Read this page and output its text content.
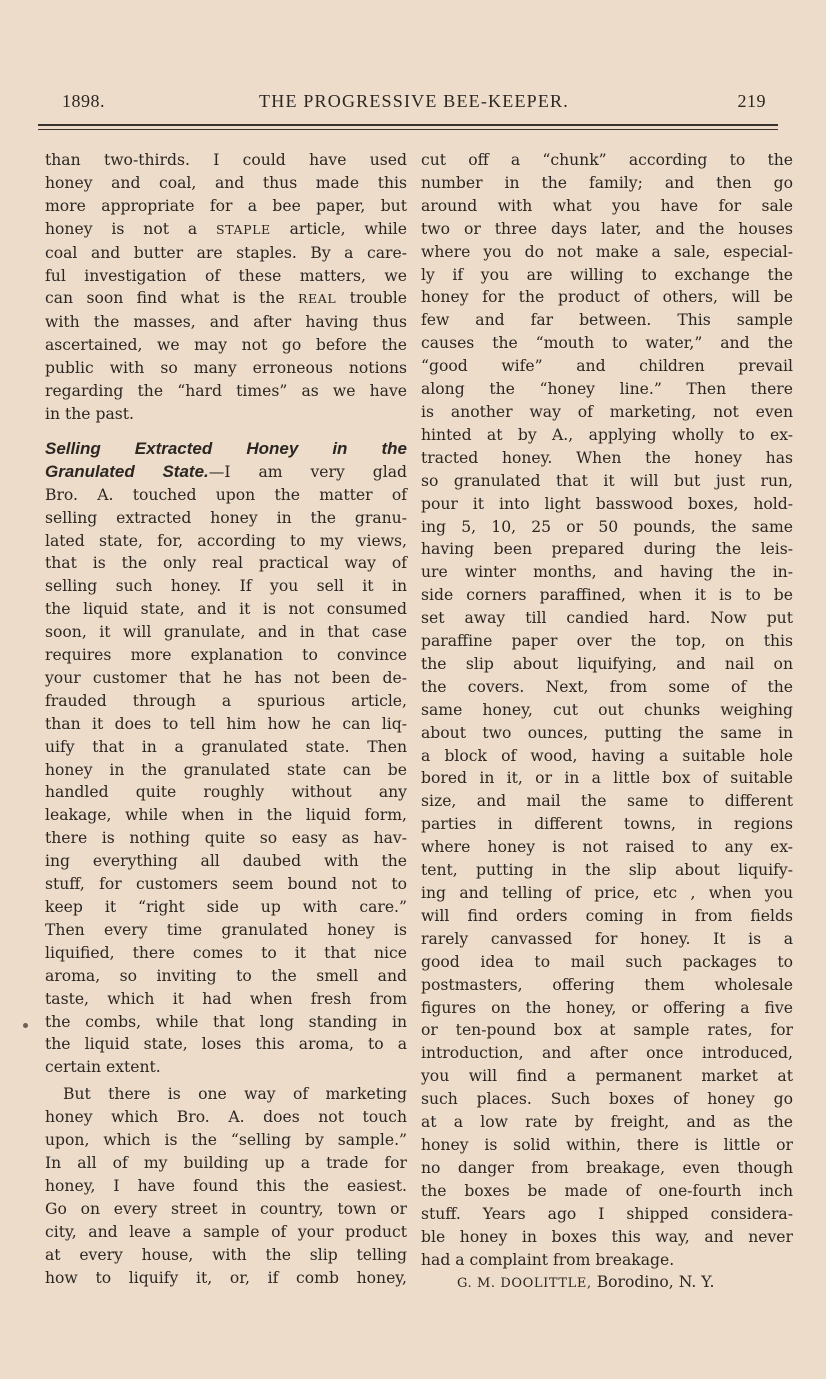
1898.	THE PROGRESSIVE BEE-KEEPER.	219
than two-thirds. I could have used
honey and coal, and thus made this
more appropriate for a bee paper, but
honey is not a STAPLE article, while
coal and butter are staples. By a care-
ful investigation of these matters, we
can soon find what is the REAL trouble
with the masses, and after having thus
ascertained, we may not go before the
public with so many erroneous notions
regarding the “hard times” as we have
in the past.
Selling Extracted Honey in the
Granulated State.—I am very glad
Bro. A. touched upon the matter of
selling extracted honey in the granu-
lated state, for, according to my views,
that is the only real practical way of
selling such honey. If you sell it in
the liquid state, and it is not consumed
soon, it will granulate, and in that case
requires more explanation to convince
your customer that he has not been de-
frauded through a spurious article,
than it does to tell him how he can liq-
uify that in a granulated state. Then
honey in the granulated state can be
handled quite roughly without any
leakage, while when in the liquid form,
there is nothing quite so easy as hav-
ing everything all daubed with the
stuff, for customers seem bound not to
keep it “right side up with care.”
Then every time granulated honey is
liquified, there comes to it that nice
aroma, so inviting to the smell and
taste, which it had when fresh from
the combs, while that long standing in
the liquid state, loses this aroma, to a
certain extent.
But there is one way of marketing
honey which Bro. A. does not touch
upon, which is the “selling by sample.”
In all of my building up a trade for
honey, I have found this the easiest.
Go on every street in country, town or
city, and leave a sample of your product
at every house, with the slip telling
how to liquify it, or, if comb honey,
cut off a “chunk” according to the
number in the family; and then go
around with what you have for sale
two or three days later, and the houses
where you do not make a sale, especial-
ly if you are willing to exchange the
honey for the product of others, will be
few and far between. This sample
causes the “mouth to water,” and the
“good wife” and children prevail
along the “honey line.” Then there
is another way of marketing, not even
hinted at by A., applying wholly to ex-
tracted honey. When the honey has
so granulated that it will but just run,
pour it into light basswood boxes, hold-
ing 5, 10, 25 or 50 pounds, the same
having been prepared during the leis-
ure winter months, and having the in-
side corners paraffined, when it is to be
set away till candied hard. Now put
paraffine paper over the top, on this
the slip about liquifying, and nail on
the covers. Next, from some of the
same honey, cut out chunks weighing
about two ounces, putting the same in
a block of wood, having a suitable hole
bored in it, or in a little box of suitable
size, and mail the same to different
parties in different towns, in regions
where honey is not raised to any ex-
tent, putting in the slip about liquify-
ing and telling of price, etc , when you
will find orders coming in from fields
rarely canvassed for honey. It is a
good idea to mail such packages to
postmasters, offering them wholesale
figures on the honey, or offering a five
or ten-pound box at sample rates, for
introduction, and after once introduced,
you will find a permanent market at
such places. Such boxes of honey go
at a low rate by freight, and as the
honey is solid within, there is little or
no danger from breakage, even though
the boxes be made of one-fourth inch
stuff. Years ago I shipped considera-
ble honey in boxes this way, and never
had a complaint from breakage.
G. M. DOOLITTLE, Borodino, N. Y.
